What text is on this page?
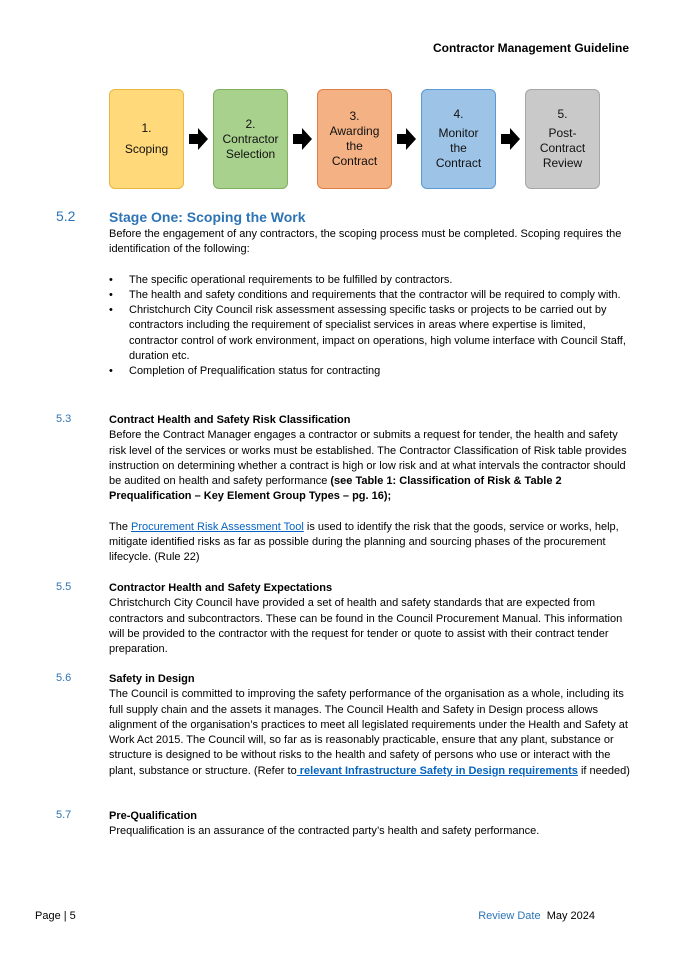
Contractor Management Guideline
1.
Scoping
2.
Contractor Selection
3.
Awarding the Contract
4.
Monitor the Contract
5.
Post-Contract Review
5.2 Stage One: Scoping the Work

Before the engagement of any contractors, the scoping process must be completed. Scoping requires the identification of the following:

• The specific operational requirements to be fulfilled by contractors.
• The health and safety conditions and requirements that the contractor will be required to comply with.
• Christchurch City Council risk assessment assessing specific tasks or projects to be carried out by contractors including the requirement of specialist services in areas where expertise is limited, contractor control of work environment, impact on operations, high volume interface with Council Staff, duration etc.
• Completion of Prequalification status for contracting
5.3	Contract Health and Safety Risk Classification

Before the Contract Manager engages a contractor or submits a request for tender, the health and safety risk level of the services or works must be established. The Contractor Classification of Risk table provides instruction on determining whether a contract is high or low risk and at what intervals the contractor should be audited on health and safety performance (see Table 1: Classification of Risk & Table 2 Prequalification – Key Element Group Types – pg. 16);

The Procurement Risk Assessment Tool is used to identify the risk that the goods, service or works, help, mitigate identified risks as far as possible during the planning and sourcing phases of the procurement lifecycle. (Rule 22)

5.5	Contractor Health and Safety Expectations

Christchurch City Council have provided a set of health and safety standards that are expected from contractors and subcontractors. These can be found in the Council Procurement Manual. This information will be provided to the contractor with the request for tender or quote to assist with their contract tender preparation.

5.6	Safety in Design

The Council is committed to improving the safety performance of the organisation as a whole, including its full supply chain and the assets it manages. The Council Health and Safety in Design process allows alignment of the organisation’s practices to meet all legislated requirements under the Health and Safety at Work Act 2015. The Council will, so far as is reasonably practicable, ensure that any plant, substance or structure is designed to be without risks to the health and safety of persons who use or interact with the plant, substance or structure. (Refer to relevant Infrastructure Safety in Design requirements if needed)

5.7	Pre-Qualification

Prequalification is an assurance of the contracted party’s health and safety performance.

Page | 5	Review Date May 2024
